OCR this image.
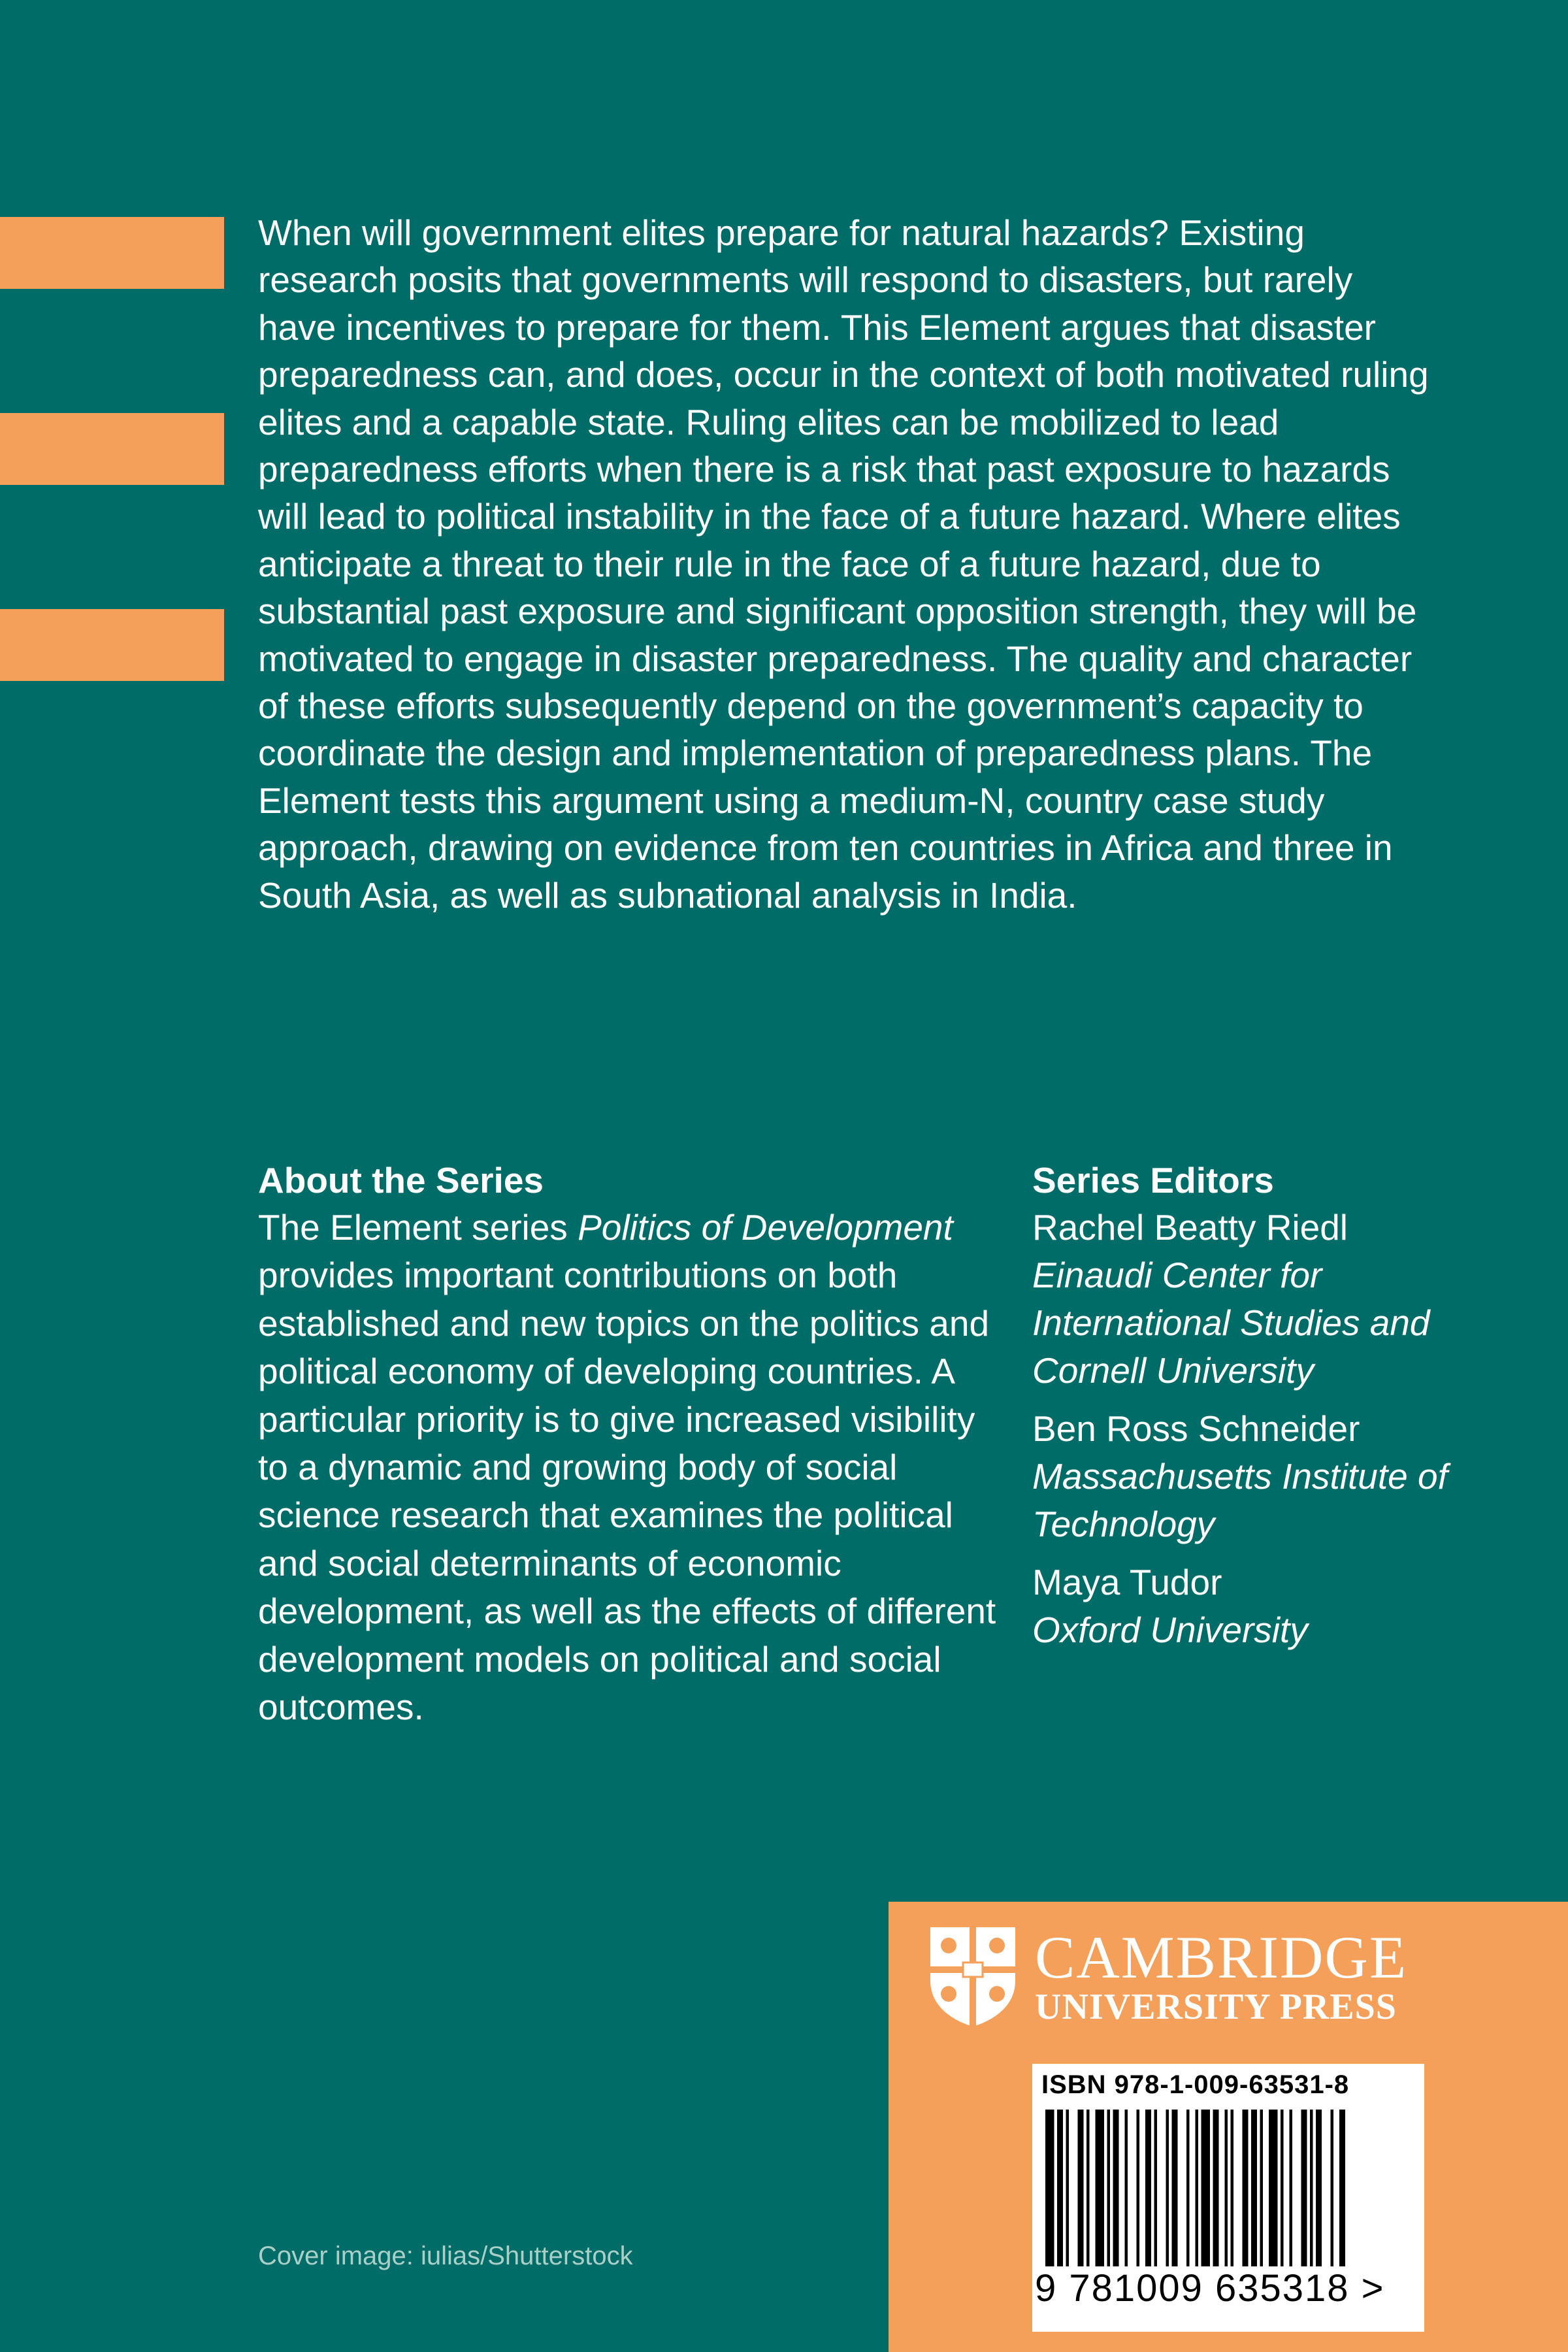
When will government elites prepare for natural hazards? Existing research posits that governments will respond to disasters, but rarely have incentives to prepare for them. This Element argues that disaster preparedness can, and does, occur in the context of both motivated ruling elites and a capable state. Ruling elites can be mobilized to lead preparedness efforts when there is a risk that past exposure to hazards will lead to political instability in the face of a future hazard. Where elites anticipate a threat to their rule in the face of a future hazard, due to substantial past exposure and significant opposition strength, they will be motivated to engage in disaster preparedness. The quality and character of these efforts subsequently depend on the government’s capacity to coordinate the design and implementation of preparedness plans. The Element tests this argument using a medium-N, country case study approach, drawing on evidence from ten countries in Africa and three in South Asia, as well as subnational analysis in India.

About the Series

The Element series Politics of Development provides important contributions on both established and new topics on the politics and political economy of developing countries. A particular priority is to give increased visibility to a dynamic and growing body of social science research that examines the political and social determinants of economic development, as well as the effects of different development models on political and social outcomes.

Series Editors

Rachel Beatty Riedl

Einaudi Center for International Studies and Cornell University

Ben Ross Schneider

Massachusetts Institute of Technology

Maya Tudor

Oxford University

Cover image: iulias/Shutterstock
CAMBRIDGE
UNIVERSITY PRESS
ISBN 978-1-009-63531-8
9 781009 635318 >
